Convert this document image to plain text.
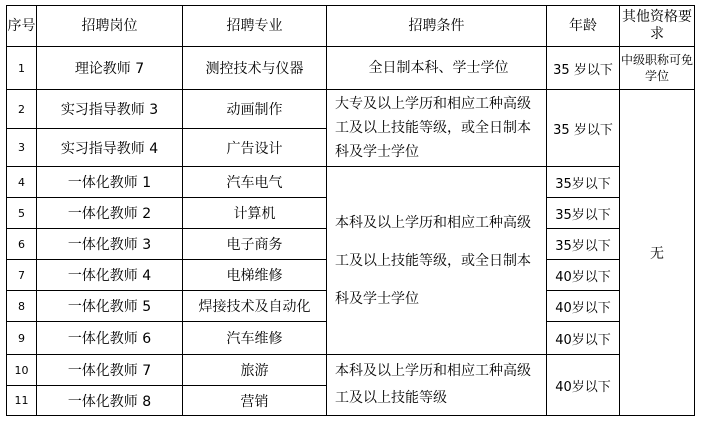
序号	招聘岗位	招聘专业	招聘条件	年龄	其他资格要求
1	理论教师 7	测控技术与仪器	全日制本科、学士学位	35 岁以下	中级职称可免学位
2	实习指导教师 3	动画制作	大专及以上学历和相应工种高级工及以上技能等级，或全日制本科及学士学位	35 岁以下	无
3	实习指导教师 4	广告设计			
4	一体化教师 1	汽车电气	本科及以上学历和相应工种高级工及以上技能等级，或全日制本科及学士学位	35岁以下	
5	一体化教师 2	计算机		35岁以下	
6	一体化教师 3	电子商务		35岁以下	
7	一体化教师 4	电梯维修		40岁以下	
8	一体化教师 5	焊接技术及自动化		40岁以下	
9	一体化教师 6	汽车维修		40岁以下	
10	一体化教师 7	旅游	本科及以上学历和相应工种高级工及以上技能等级	40岁以下	
11	一体化教师 8	营销			
